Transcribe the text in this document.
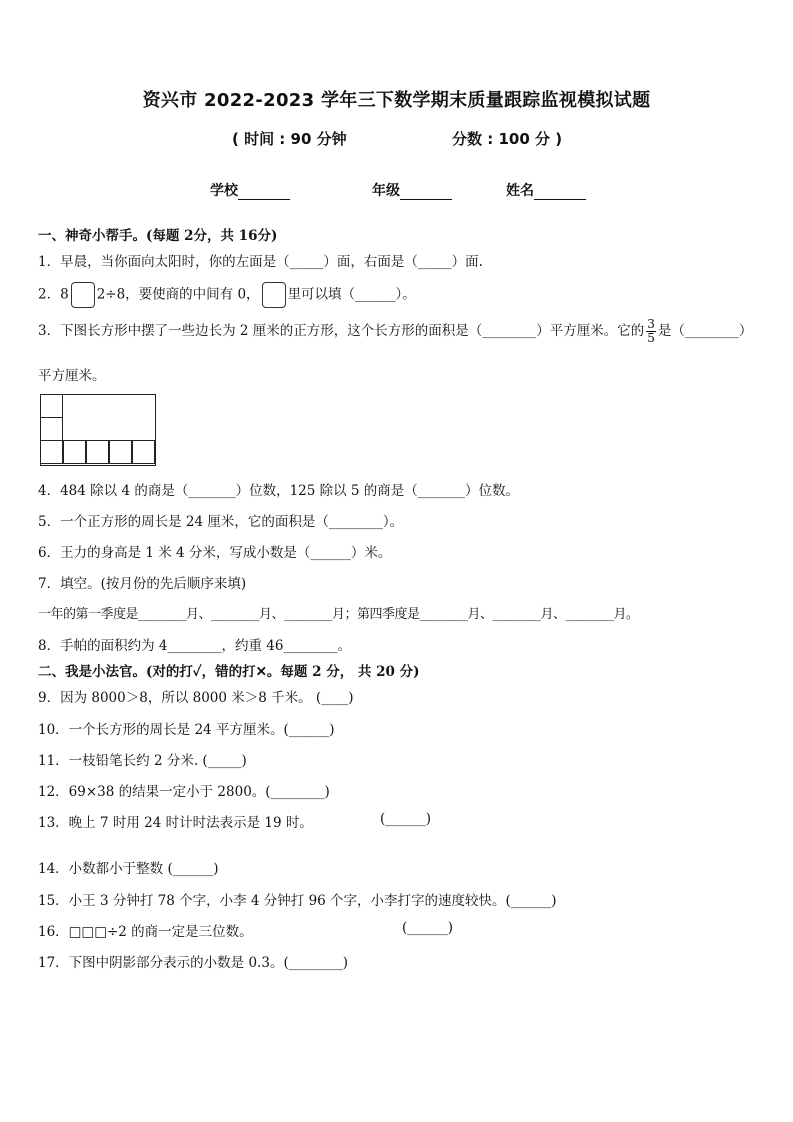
资兴市 2022-2023 学年三下数学期末质量跟踪监视模拟试题
( 时间 : 90 分钟	分数 : 100 分 )
学校	年级	姓名
一、神奇小帮手。(每题 2分，共 16分)
1．早晨，当你面向太阳时，你的左面是（_____）面，右面是（_____）面.
2．8 2÷8，要使商的中间有 0， 里可以填（______）。
3．下图长方形中摆了一些边长为 2 厘米的正方形，这个长方形的面积是（________）平方厘米。它的 $\frac{3}{5}$ 是（________）
平方厘米。
4．484 除以 4 的商是（_______）位数，125 除以 5 的商是（_______）位数。
5．一个正方形的周长是 24 厘米，它的面积是（________）。
6．王力的身高是 1 米 4 分米，写成小数是（______）米。
7．填空。(按月份的先后顺序来填)
一年的第一季度是________月、________月、________月；第四季度是________月、________月、________月。
8．手帕的面积约为 4________，约重 46________。
二、我是小法官。(对的打✓，错的打✕。每题 2 分， 共 20 分)
9．因为 8000＞8，所以 8000 米＞8 千米。 (____)
10．一个长方形的周长是 24 平方厘米。(______)
11．一枝铅笔长约 2 分米. (_____)
12．69×38 的结果一定小于 2800。(________)
13．晚上 7 时用 24 时计时法表示是 19 时。	(______)
14．小数都小于整数 (______)
15．小王 3 分钟打 78 个字，小李 4 分钟打 96 个字，小李打字的速度较快。(______)
16．□□□÷2 的商一定是三位数。	(______)
17．下图中阴影部分表示的小数是 0.3。(________)
